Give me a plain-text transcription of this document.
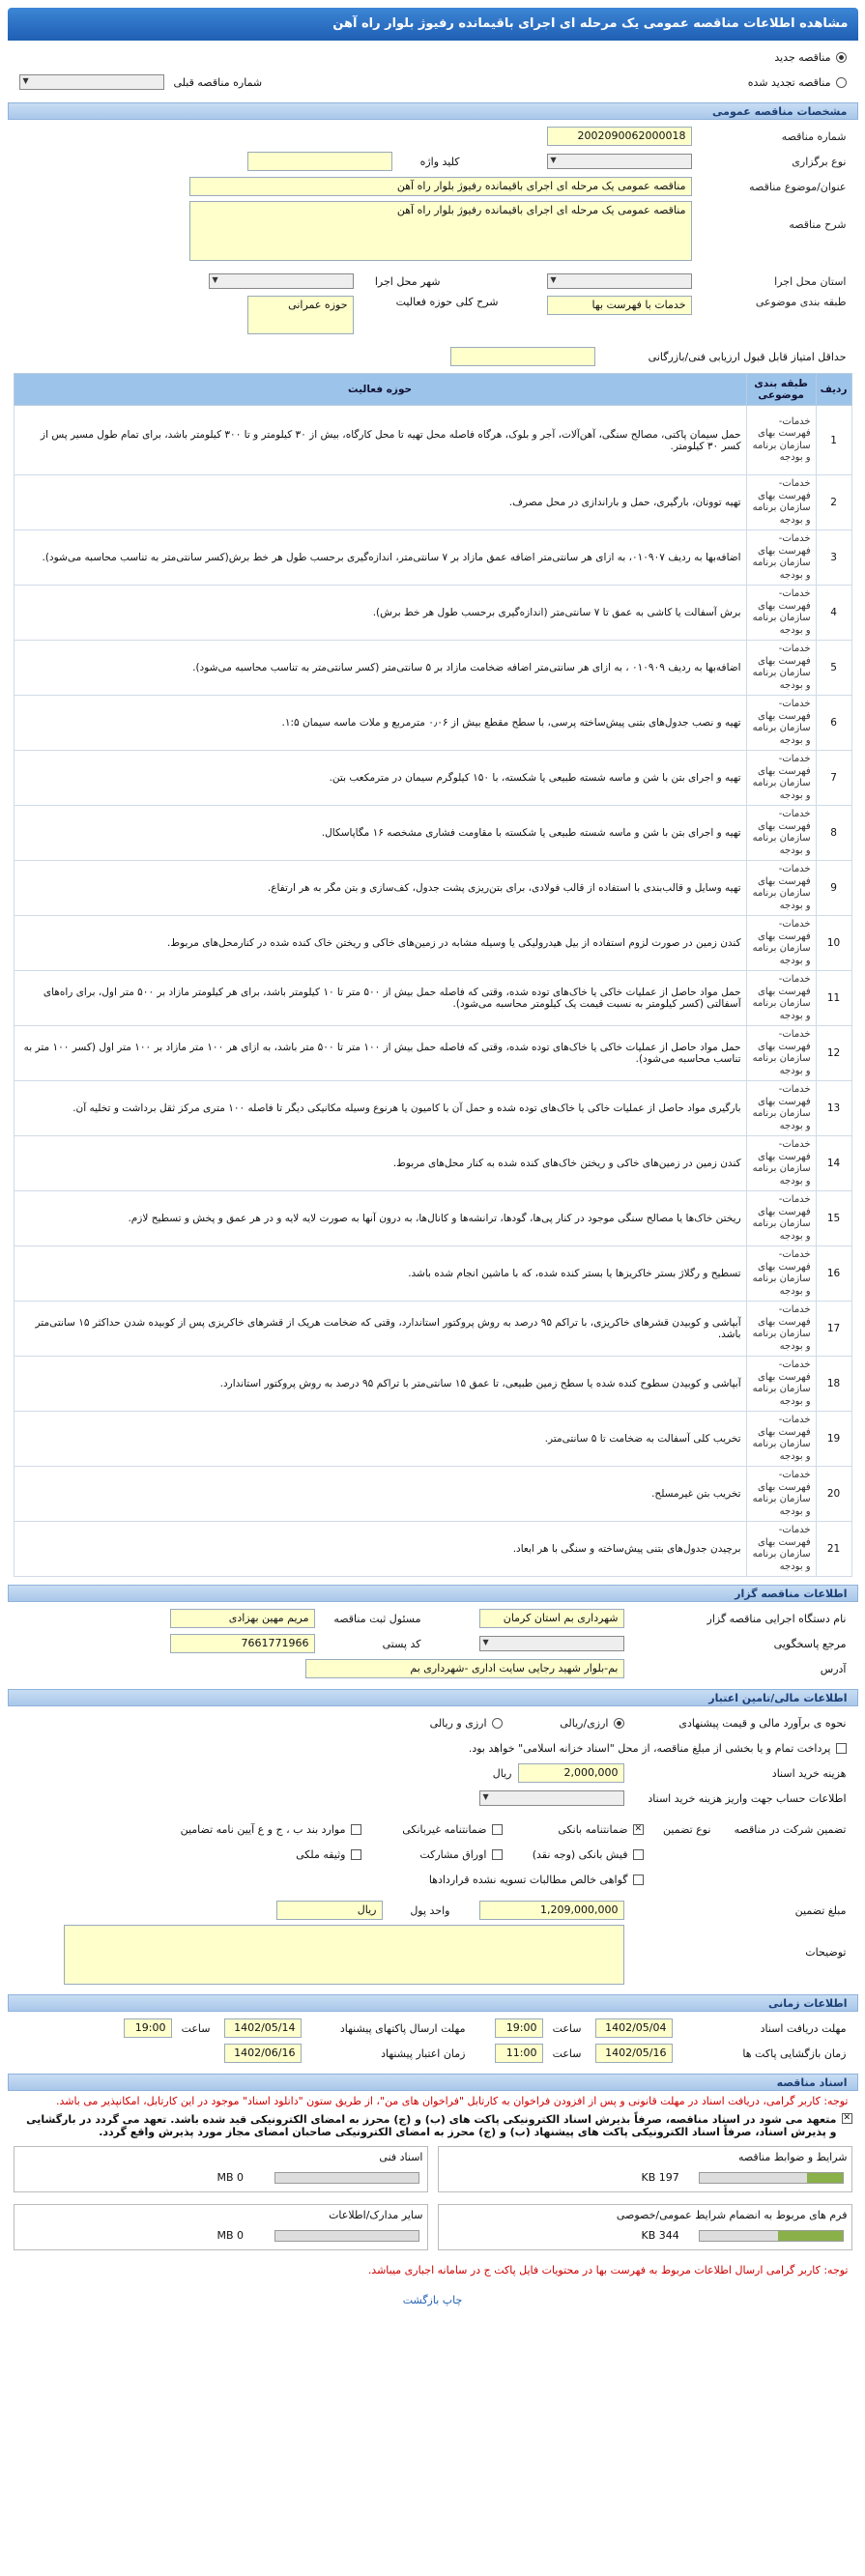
مشاهده اطلاعات مناقصه عمومی یک مرحله ای اجرای باقیمانده رفیوژ بلوار راه آهن
مناقصه جدید
مناقصه تجدید شده
شماره مناقصه قبلی
▼
مشخصات مناقصه عمومی
شماره مناقصه
2002090062000018
نوع برگزاری
▼
کلید واژه
عنوان/موضوع مناقصه
مناقصه عمومی یک مرحله ای اجرای باقیمانده رفیوژ بلوار راه آهن
شرح مناقصه
مناقصه عمومی یک مرحله ای اجرای باقیمانده رفیوژ بلوار راه آهن
استان محل اجرا
▼
شهر محل اجرا
▼
طبقه بندی موضوعی
خدمات با فهرست بها
شرح کلی حوزه فعالیت
حوزه عمرانی
حداقل امتیاز قابل قبول ارزیابی فنی/بازرگانی
ردیف	طبقه بندی موضوعی	حوزه فعالیت
1	خدمات- فهرست بهای سازمان برنامه و بودجه	حمل سیمان پاکتی، مصالح سنگی، آهن‌آلات، آجر و بلوک، هرگاه فاصله محل تهیه تا محل کارگاه، بیش از ۳۰ کیلومتر و تا ۳۰۰ کیلومتر باشد، برای تمام طول مسیر پس از کسر ۳۰ کیلومتر.
2	خدمات- فهرست بهای سازمان برنامه و بودجه	تهیه توونان، بارگیری، حمل و باراندازی در محل مصرف.
3	خدمات- فهرست بهای سازمان برنامه و بودجه	اضافه‌بها به ردیف ۰۱۰۹۰۷، به ازای هر سانتی‌متر اضافه عمق مازاد بر ۷ سانتی‌متر، اندازه‌گیری برحسب طول هر خط برش(کسر سانتی‌متر به تناسب محاسبه می‌شود).
4	خدمات- فهرست بهای سازمان برنامه و بودجه	برش آسفالت یا کاشی به عمق تا ۷ سانتی‌متر (اندازه‌گیری برحسب طول هر خط برش).
5	خدمات- فهرست بهای سازمان برنامه و بودجه	اضافه‌بها به ردیف ۰۱۰۹۰۹ ، به ازای هر سانتی‌متر اضافه ضخامت مازاد بر ۵ سانتی‌متر (کسر سانتی‌متر به تناسب محاسبه می‌شود).
6	خدمات- فهرست بهای سازمان برنامه و بودجه	تهیه و نصب جدول‌های بتنی پیش‌ساخته پرسی، با سطح مقطع بیش از ۰٫۰۶ مترمربع و ملات ماسه سیمان ۱:۵.
7	خدمات- فهرست بهای سازمان برنامه و بودجه	تهیه و اجرای بتن با شن و ماسه شسته طبیعی یا شکسته، با ۱۵۰ کیلوگرم سیمان در مترمکعب بتن.
8	خدمات- فهرست بهای سازمان برنامه و بودجه	تهیه و اجرای بتن با شن و ماسه شسته طبیعی یا شکسته با مقاومت فشاری مشخصه ۱۶ مگاپاسکال.
9	خدمات- فهرست بهای سازمان برنامه و بودجه	تهیه وسایل و قالب‌بندی با استفاده از قالب فولادی، برای بتن‌ریزی پشت جدول، کف‌سازی و بتن مگر به هر ارتفاع.
10	خدمات- فهرست بهای سازمان برنامه و بودجه	کندن زمین در صورت لزوم استفاده از بیل هیدرولیکی یا وسیله مشابه در زمین‌های خاکی و ریختن خاک کنده شده در کنارمحل‌های مربوط.
11	خدمات- فهرست بهای سازمان برنامه و بودجه	حمل مواد حاصل از عملیات خاکی یا خاک‌های توده شده، وقتی که فاصله حمل بیش از ۵۰۰ متر تا ۱۰ کیلومتر باشد، برای هر کیلومتر مازاد بر ۵۰۰ متر اول، برای راه‌های آسفالتی (کسر کیلومتر به نسبت قیمت یک کیلومتر محاسبه می‌شود).
12	خدمات- فهرست بهای سازمان برنامه و بودجه	حمل مواد حاصل از عملیات خاکی یا خاک‌های توده شده، وقتی که فاصله حمل بیش از ۱۰۰ متر تا ۵۰۰ متر باشد، به ازای هر ۱۰۰ متر مازاد بر ۱۰۰ متر اول (کسر ۱۰۰ متر به تناسب محاسبه می‌شود).
13	خدمات- فهرست بهای سازمان برنامه و بودجه	بارگیری مواد حاصل از عملیات خاکی یا خاک‌های توده شده و حمل آن با کامیون یا هرنوع وسیله مکانیکی دیگر تا فاصله ۱۰۰ متری مرکز ثقل برداشت و تخلیه آن.
14	خدمات- فهرست بهای سازمان برنامه و بودجه	کندن زمین در زمین‌های خاکی و ریختن خاک‌های کنده شده به کنار محل‌های مربوط.
15	خدمات- فهرست بهای سازمان برنامه و بودجه	ریختن خاک‌ها یا مصالح سنگی موجود در کنار پی‌ها، گودها، ترانشه‌ها و کانال‌ها، به درون آنها به صورت لایه لایه و در هر عمق و پخش و تسطیح لازم.
16	خدمات- فهرست بهای سازمان برنامه و بودجه	تسطیح و رگلاژ بستر خاکریزها یا بستر کنده شده، که با ماشین انجام شده باشد.
17	خدمات- فهرست بهای سازمان برنامه و بودجه	آبپاشی و کوبیدن قشرهای خاکریزی، با تراکم ۹۵ درصد به روش پروکتور استاندارد، وقتی که ضخامت هریک از قشرهای خاکریزی پس از کوبیده شدن حداکثر ۱۵ سانتی‌متر باشد.
18	خدمات- فهرست بهای سازمان برنامه و بودجه	آبپاشی و کوبیدن سطوح کنده شده یا سطح زمین طبیعی، تا عمق ۱۵ سانتی‌متر با تراکم ۹۵ درصد به روش پروکتور استاندارد.
19	خدمات- فهرست بهای سازمان برنامه و بودجه	تخریب کلی آسفالت به ضخامت تا ۵ سانتی‌متر.
20	خدمات- فهرست بهای سازمان برنامه و بودجه	تخریب بتن غیرمسلح.
21	خدمات- فهرست بهای سازمان برنامه و بودجه	برچیدن جدول‌های بتنی پیش‌ساخته و سنگی با هر ابعاد.
اطلاعات مناقصه گزار
نام دستگاه اجرایی مناقصه گزار
شهرداری بم استان کرمان
مسئول ثبت مناقصه
مریم مهین بهزادی
مرجع پاسخگویی
▼
کد پستی
7661771966
آدرس
بم-بلوار شهید رجایی سایت اداری -شهرداری بم
اطلاعات مالی/تامین اعتبار
نحوه ی برآورد مالی و قیمت پیشنهادی
ارزی/ریالی
ارزی و ریالی
پرداخت تمام و یا بخشی از مبلغ مناقصه، از محل "اسناد خزانه اسلامی" خواهد بود.
هزینه خرید اسناد
2,000,000
ریال
اطلاعات حساب جهت واریز هزینه خرید اسناد
▼
تضمین شرکت در مناقصه
نوع تضمین
✕
ضمانتنامه بانکی
ضمانتنامه غیربانکی
موارد بند ب ، ج و ع آیین نامه تضامین
فیش بانکی (وجه نقد)
اوراق مشارکت
وثیقه ملکی
گواهی خالص مطالبات تسویه نشده قراردادها
مبلغ تضمین
1,209,000,000
واحد پول
ریال
توضیحات
اطلاعات زمانی
مهلت دریافت اسناد
1402/05/04
ساعت
19:00
مهلت ارسال پاکتهای پیشنهاد
1402/05/14
ساعت
19:00
زمان بازگشایی پاکت ها
1402/05/16
ساعت
11:00
زمان اعتبار پیشنهاد
1402/06/16
اسناد مناقصه
توجه: کاربر گرامی، دریافت اسناد در مهلت قانونی و پس از افزودن فراخوان به کارتابل "فراخوان های من"، از طریق ستون "دانلود اسناد" موجود در این کارتابل، امکانپذیر می باشد.
✕
متعهد می شود در اسناد مناقصه، صرفاً بذیرش اسناد الکترونیکی پاکت های (ب) و (ج) محرز به امضای الکترونیکی قید شده باشد. تعهد می گردد در بارگشایی و پذیرش اسناد، صرفاً اسناد الکترونیکی پاکت های پیشنهاد (ب) و (ج) محرز به امضای الکترونیکی صاحبان امضای مجاز مورد پذیرش واقع گردد.
شرایط و ضوابط مناقصه
197 KB
اسناد فنی
0 MB
فرم های مربوط به انضمام شرایط عمومی/خصوصی
344 KB
سایر مدارک/اطلاعات
0 MB
توجه: کاربر گرامی ارسال اطلاعات مربوط به فهرست بها در محتویات فایل پاکت ج در سامانه اجباری میباشد.
چاپ بازگشت
